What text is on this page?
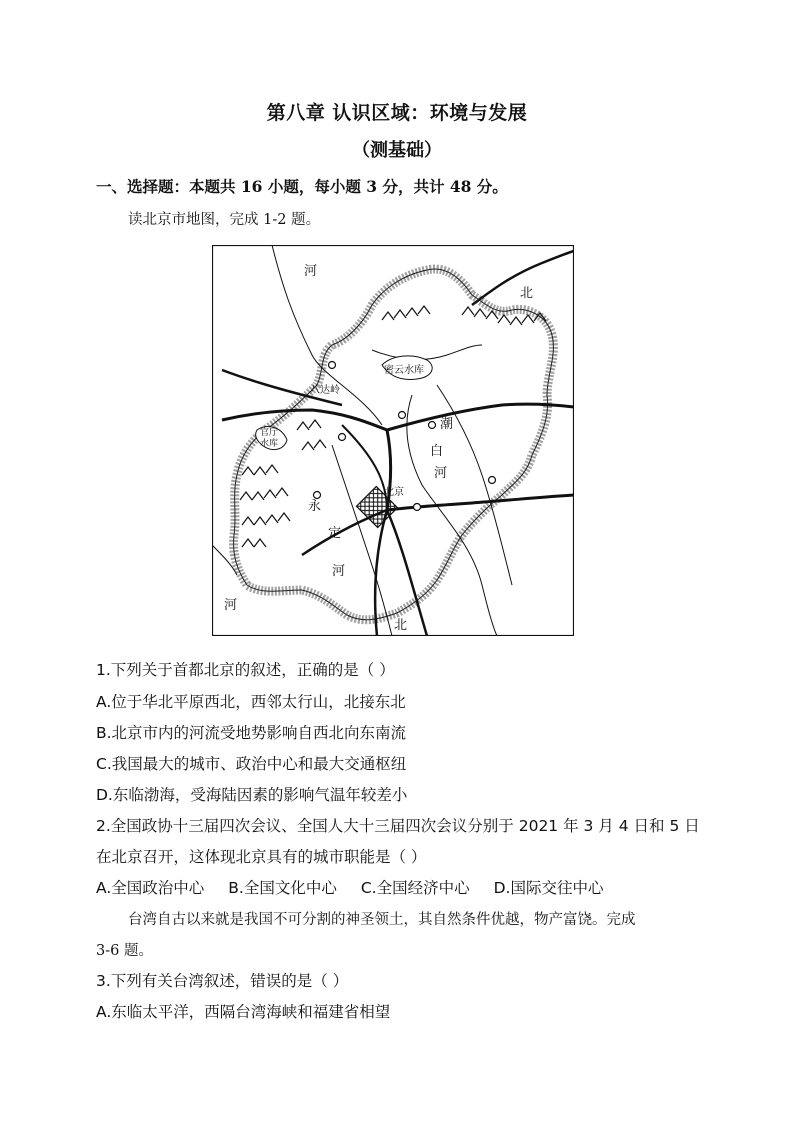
第八章 认识区域：环境与发展
（测基础）
一、选择题：本题共 16 小题，每小题 3 分，共计 48 分。
读北京市地图，完成 1-2 题。
河
北
密云水库
八达岭
官厅
水库
潮
白
河
北京
永
定
河
河
北
1.下列关于首都北京的叙述，正确的是（ ）
A.位于华北平原西北，西邻太行山，北接东北
B.北京市内的河流受地势影响自西北向东南流
C.我国最大的城市、政治中心和最大交通枢纽
D.东临渤海，受海陆因素的影响气温年较差小
2.全国政协十三届四次会议、全国人大十三届四次会议分别于 2021 年 3 月 4 日和 5 日
在北京召开，这体现北京具有的城市职能是（ ）
A.全国政治中心 B.全国文化中心 C.全国经济中心 D.国际交往中心
台湾自古以来就是我国不可分割的神圣领土，其自然条件优越，物产富饶。完成
3-6 题。
3.下列有关台湾叙述，错误的是（ ）
A.东临太平洋，西隔台湾海峡和福建省相望
